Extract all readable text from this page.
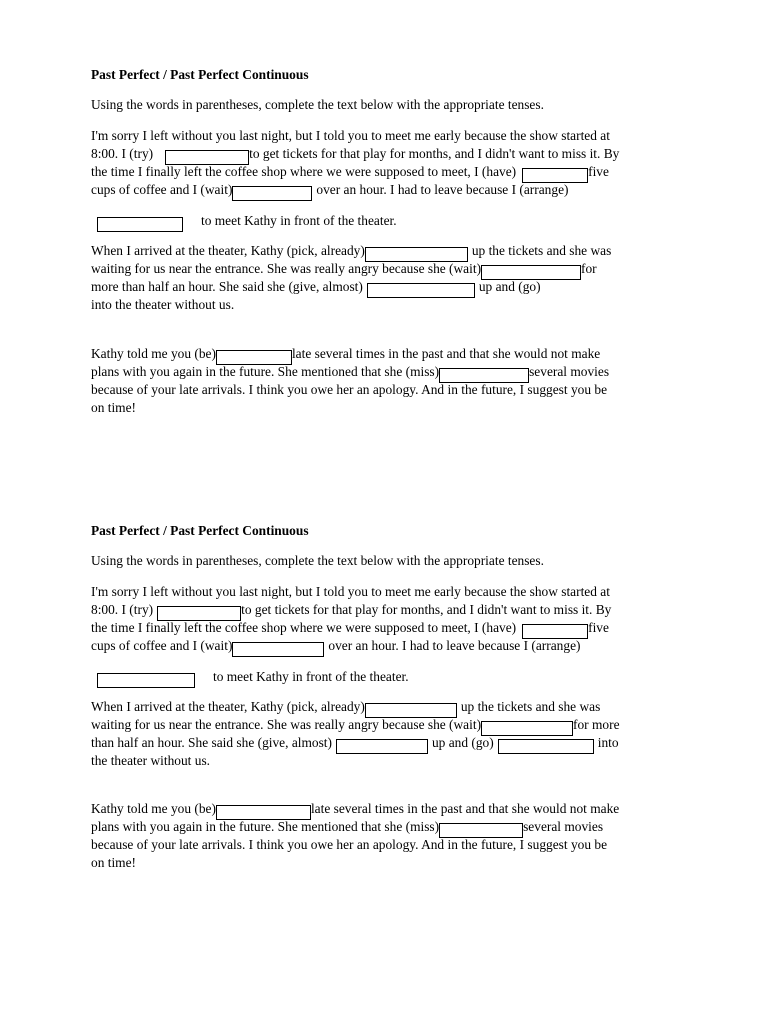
Past Perfect / Past Perfect Continuous
Using the words in parentheses, complete the text below with the appropriate tenses.
I'm sorry I left without you last night, but I told you to meet me early because the show started at
8:00. I (try)	to get tickets for that play for months, and I didn't want to miss it. By
the time I finally left the coffee shop where we were supposed to meet, I (have)	five
cups of coffee and I (wait)	over an hour. I had to leave because I (arrange)
to meet Kathy in front of the theater.
When I arrived at the theater, Kathy (pick, already)	up the tickets and she was
waiting for us near the entrance. She was really angry because she (wait)	for
more than half an hour. She said she (give, almost)	up and (go)
into the theater without us.
Kathy told me you (be)	late several times in the past and that she would not make
plans with you again in the future. She mentioned that she (miss)	several movies
because of your late arrivals. I think you owe her an apology. And in the future, I suggest you be
on time!
Past Perfect / Past Perfect Continuous
Using the words in parentheses, complete the text below with the appropriate tenses.
I'm sorry I left without you last night, but I told you to meet me early because the show started at
8:00. I (try)	to get tickets for that play for months, and I didn't want to miss it. By
the time I finally left the coffee shop where we were supposed to meet, I (have)	five
cups of coffee and I (wait)	over an hour. I had to leave because I (arrange)
to meet Kathy in front of the theater.
When I arrived at the theater, Kathy (pick, already)	up the tickets and she was
waiting for us near the entrance. She was really angry because she (wait)	for more
than half an hour. She said she (give, almost)	up and (go)	into
the theater without us.
Kathy told me you (be)	late several times in the past and that she would not make
plans with you again in the future. She mentioned that she (miss)	several movies
because of your late arrivals. I think you owe her an apology. And in the future, I suggest you be
on time!
